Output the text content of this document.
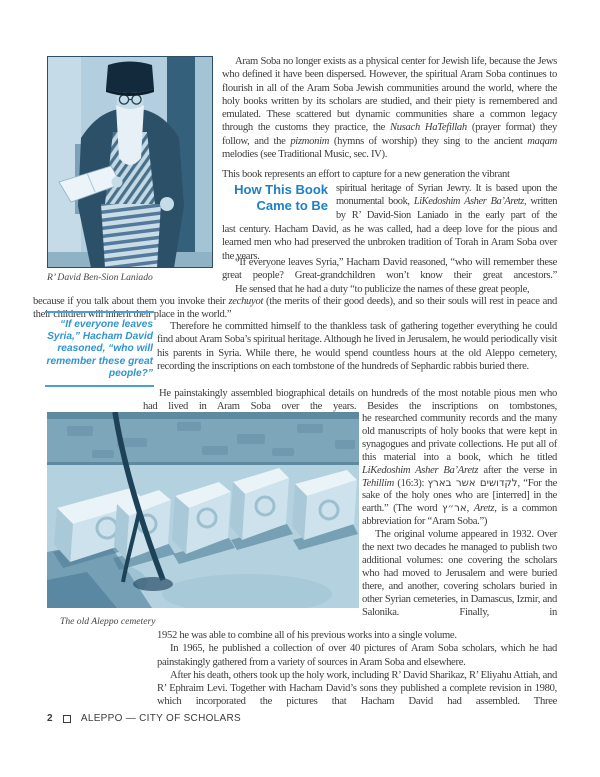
R’ David Ben-Sion Laniado
The old Aleppo cemetery

Aram Soba no longer exists as a physical center for Jewish life, because the Jews who defined it have been dispersed. However, the spiritual Aram Soba continues to flourish in all of the Aram Soba Jewish communities around the world, where the holy books written by its scholars are studied, and their piety is remembered and emulated. These scattered but dynamic communities share a common legacy through the customs they practice, the Nusach HaTefillah (prayer format) they follow, and the pizmonim (hymns of worship) they sing to the ancient maqam melodies (see Traditional Music, sec. IV).

This book represents an effort to capture for a new generation the vibrant

How This Book
Came to Be

spiritual heritage of Syrian Jewry. It is based upon the monumental book, LiKedoshim Asher Ba’Aretz, written by R’ David-Sion Laniado in the early part of the

last century. Hacham David, as he was called, had a deep love for the pious and learned men who had preserved the unbroken tradition of Torah in Aram Soba over the years.

“If everyone leaves Syria,” Hacham David reasoned, “who will remember these great people? Great-grandchildren won’t know their great ancestors.”

He sensed that he had a duty “to publicize the names of these great people,

because if you talk about them you invoke their zechuyot (the merits of their good deeds), and so their souls will rest in peace and their children will inherit their place in the world.”

“If everyone leaves Syria,” Hacham David reasoned, “who will remember these great people?”

Therefore he committed himself to the thankless task of gathering together everything he could find about Aram Soba’s spiritual heritage. Although he lived in Jerusalem, he would periodically visit his parents in Syria. While there, he would spend countless hours at the old Aleppo cemetery, recording the inscriptions on each tombstone of the hundreds of Sephardic rabbis buried there.

He painstakingly assembled biographical details on hundreds of the most notable pious men who had lived in Aram Soba over the years. Besides the inscriptions on tombstones,

he researched community records and the many old manuscripts of holy books that were kept in synagogues and private collections. He put all of this material into a book, which he titled LiKedoshim Asher Ba’Aretz after the verse in Tehillim (16:3): לקדושים אשר בארץ, “For the sake of the holy ones who are [interred] in the earth.” (The word אר״ץ, Aretz, is a common abbreviation for “Aram Soba.”)

The original volume appeared in 1932. Over the next two decades he managed to publish two additional volumes: one covering the scholars who had moved to Jerusalem and were buried there, and another, covering scholars buried in other Syrian cemeteries, in Damascus, Izmir, and Salonika. Finally, in

1952 he was able to combine all of his previous works into a single volume.

In 1965, he published a collection of over 40 pictures of Aram Soba scholars, which he had painstakingly gathered from a variety of sources in Aram Soba and elsewhere.

After his death, others took up the holy work, including R’ David Sharikaz, R’ Eliyahu Attiah, and R’ Ephraim Levi. Together with Hacham David’s sons they published a complete revision in 1980, which incorporated the pictures that Hacham David had assembled. Three

2	ALEPPO — CITY OF SCHOLARS
